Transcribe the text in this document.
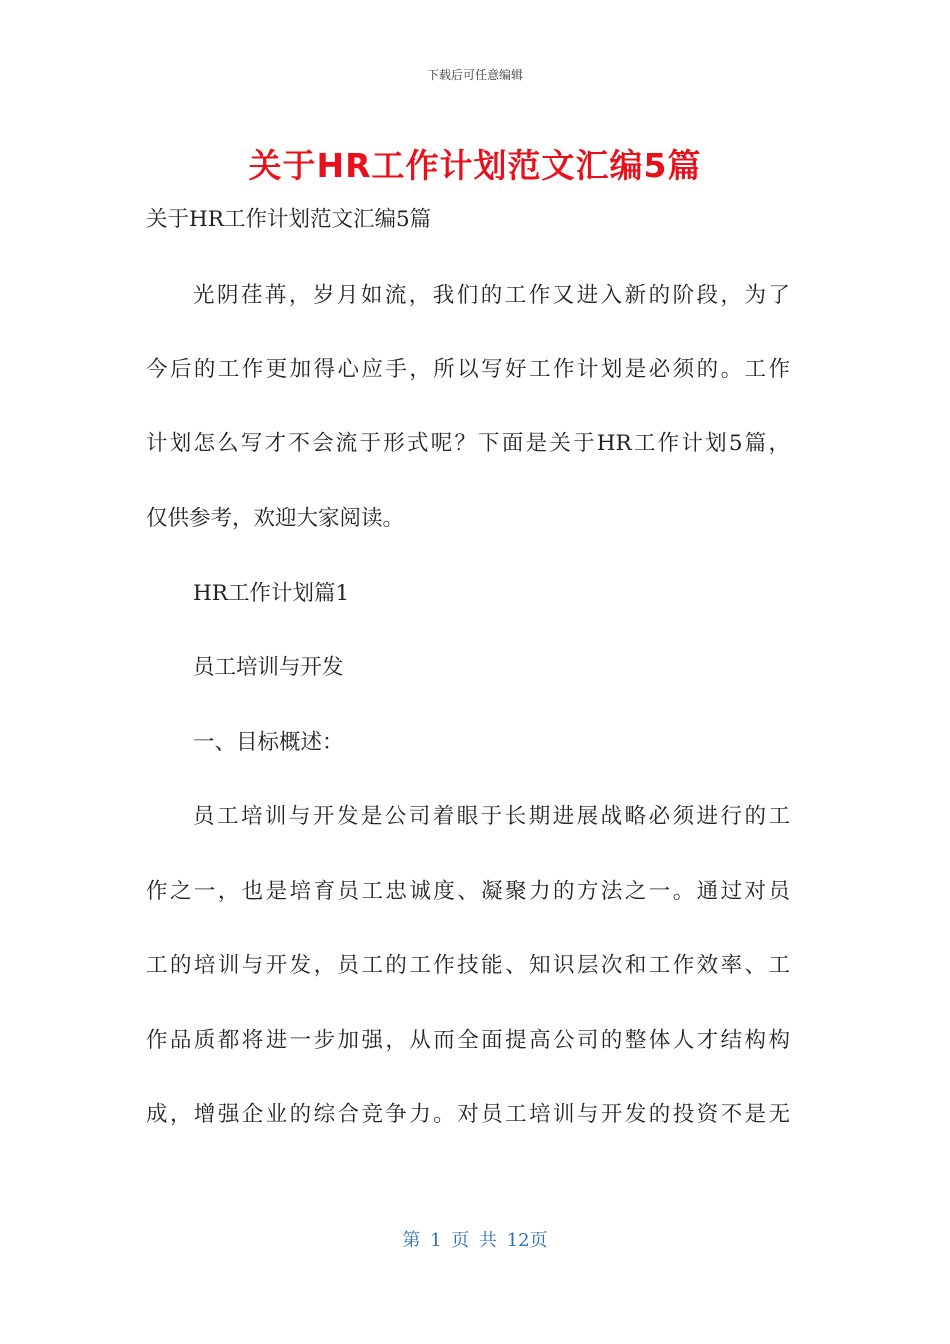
下载后可任意编辑
关于HR工作计划范文汇编5篇
关于HR工作计划范文汇编5篇
光阴荏苒，岁月如流，我们的工作又进入新的阶段，为了
今后的工作更加得心应手，所以写好工作计划是必须的。工作
计划怎么写才不会流于形式呢？下面是关于HR工作计划5篇，
仅供参考，欢迎大家阅读。
HR工作计划篇1
员工培训与开发
一、目标概述：
员工培训与开发是公司着眼于长期进展战略必须进行的工
作之一，也是培育员工忠诚度、凝聚力的方法之一。通过对员
工的培训与开发，员工的工作技能、知识层次和工作效率、工
作品质都将进一步加强，从而全面提高公司的整体人才结构构
成，增强企业的综合竞争力。对员工培训与开发的投资不是无
第 1 页 共 12页
